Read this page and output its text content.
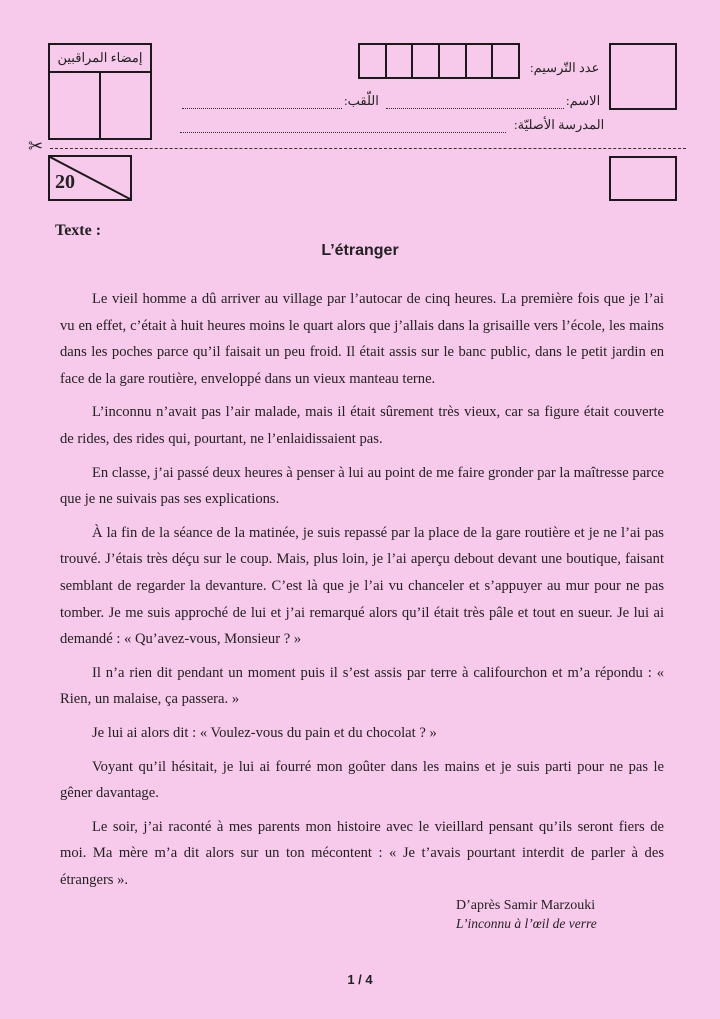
إمضاء المراقبين
عدد التّرسيم:
اللّقب:	الاسم:
المدرسة الأصليّة:
✂
20
Texte :
L’étranger

Le vieil homme a dû arriver au village par l’autocar de cinq heures. La première fois que je l’ai vu en effet, c’était à huit heures moins le quart alors que j’allais dans la grisaille vers l’école, les mains dans les poches parce qu’il faisait un peu froid. Il était assis sur le banc public, dans le petit jardin en face de la gare routière, enveloppé dans un vieux manteau terne.

L’inconnu n’avait pas l’air malade, mais il était sûrement très vieux, car sa figure était couverte de rides, des rides qui, pourtant, ne l’enlaidissaient pas.

En classe, j’ai passé deux heures à penser à lui au point de me faire gronder par la maîtresse parce que je ne suivais pas ses explications.

À la fin de la séance de la matinée, je suis repassé par la place de la gare routière et je ne l’ai pas trouvé. J’étais très déçu sur le coup. Mais, plus loin, je l’ai aperçu debout devant une boutique, faisant semblant de regarder la devanture. C’est là que je l’ai vu chanceler et s’appuyer au mur pour ne pas tomber. Je me suis approché de lui et j’ai remarqué alors qu’il était très pâle et tout en sueur. Je lui ai demandé : « Qu’avez-vous, Monsieur ? »

Il n’a rien dit pendant un moment puis il s’est assis par terre à califourchon et m’a répondu : « Rien, un malaise, ça passera. »

Je lui ai alors dit : « Voulez-vous du pain et du chocolat ? »

Voyant qu’il hésitait, je lui ai fourré mon goûter dans les mains et je suis parti pour ne pas le gêner davantage.

Le soir, j’ai raconté à mes parents mon histoire avec le vieillard pensant qu’ils seront fiers de moi. Ma mère m’a dit alors sur un ton mécontent : « Je t’avais pourtant interdit de parler à des étrangers ».

D’après Samir Marzouki
L’inconnu à l’œil de verre
1 / 4
